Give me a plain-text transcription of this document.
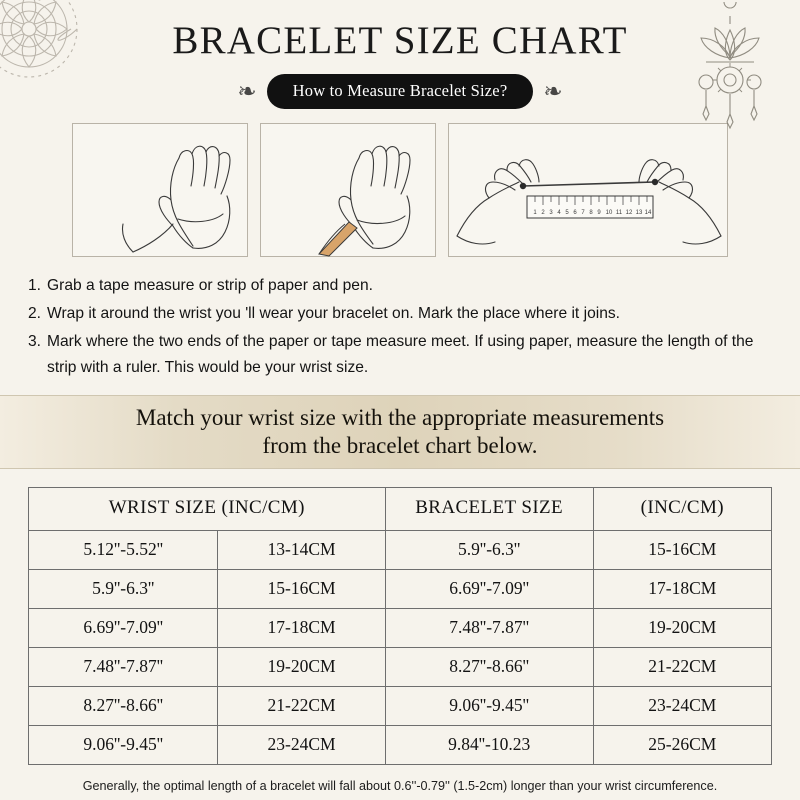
BRACELET SIZE CHART
❧	How to Measure Bracelet Size?	❧
1 2 3 4 5 6 7 8 9 10 11 12 13 14
1. Grab a tape measure or strip of paper and pen.
2. Wrap it around the wrist you 'll wear your bracelet on. Mark the place where it joins.
3. Mark where the two ends of the paper or tape measure meet. If using paper, measure the length of the strip with a ruler. This would be your wrist size.
Match your wrist size with the appropriate measurements
from the bracelet chart below.
WRIST SIZE (INC/CM)		BRACELET SIZE	(INC/CM)
5.12''-5.52''	13-14CM	5.9''-6.3''	15-16CM
5.9''-6.3''	15-16CM	6.69''-7.09''	17-18CM
6.69''-7.09''	17-18CM	7.48''-7.87''	19-20CM
7.48''-7.87''	19-20CM	8.27''-8.66''	21-22CM
8.27''-8.66''	21-22CM	9.06''-9.45''	23-24CM
9.06''-9.45''	23-24CM	9.84''-10.23	25-26CM
Generally, the optimal length of a bracelet will fall about 0.6''-0.79'' (1.5-2cm) longer than your wrist circumference.
